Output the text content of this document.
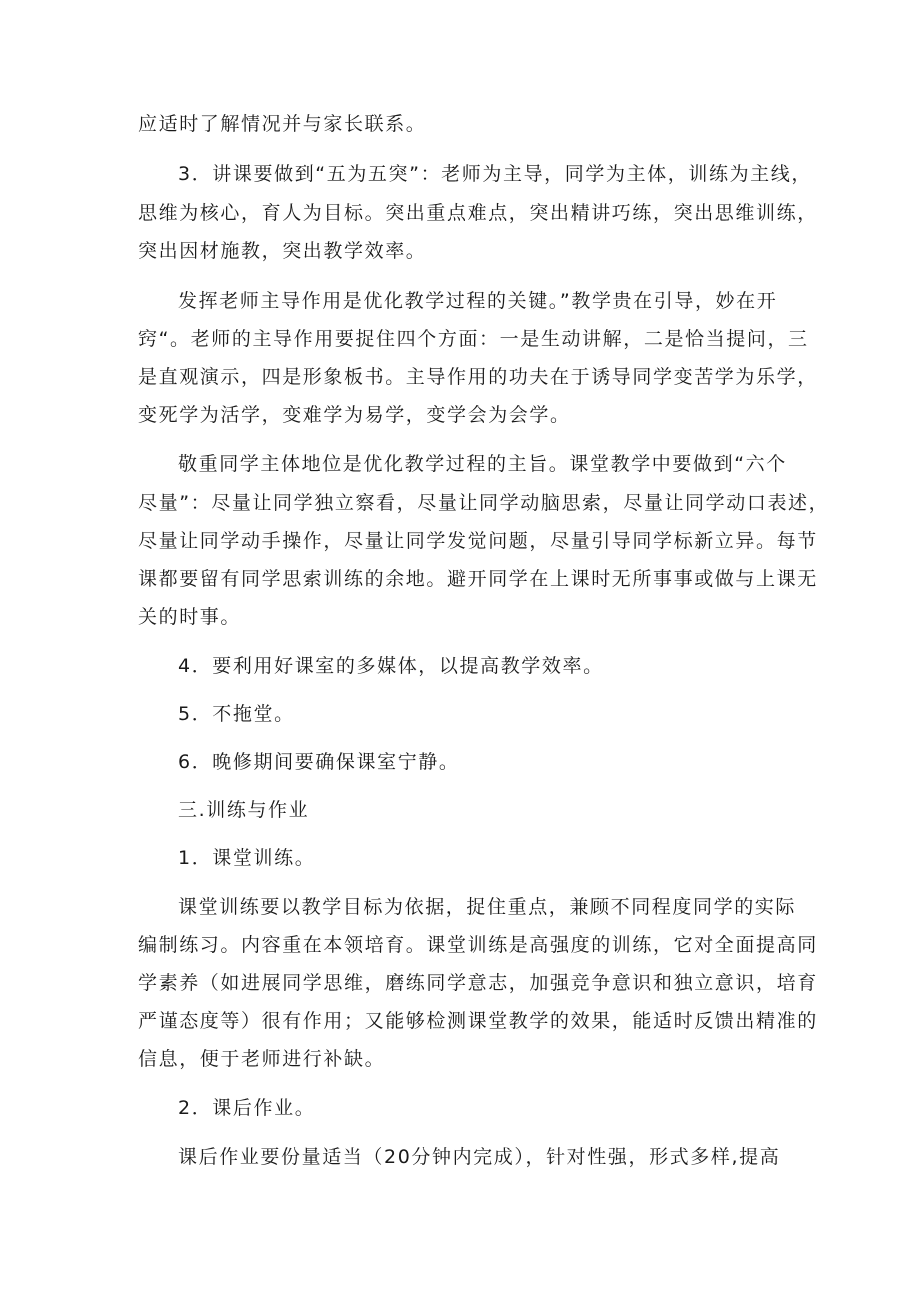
应适时了解情况并与家长联系。

3．讲课要做到“五为五突”：老师为主导，同学为主体，训练为主线，

思维为核心，育人为目标。突出重点难点，突出精讲巧练，突出思维训练，

突出因材施教，突出教学效率。

发挥老师主导作用是优化教学过程的关键。”教学贵在引导，妙在开

窍“。老师的主导作用要捉住四个方面：一是生动讲解，二是恰当提问，三

是直观演示，四是形象板书。主导作用的功夫在于诱导同学变苦学为乐学，

变死学为活学，变难学为易学，变学会为会学。

敬重同学主体地位是优化教学过程的主旨。课堂教学中要做到“六个

尽量”：尽量让同学独立察看，尽量让同学动脑思索，尽量让同学动口表述，

尽量让同学动手操作，尽量让同学发觉问题，尽量引导同学标新立异。每节

课都要留有同学思索训练的余地。避开同学在上课时无所事事或做与上课无

关的时事。

4．要利用好课室的多媒体，以提高教学效率。

5．不拖堂。

6．晚修期间要确保课室宁静。

三.训练与作业

1．课堂训练。

课堂训练要以教学目标为依据，捉住重点，兼顾不同程度同学的实际

编制练习。内容重在本领培育。课堂训练是高强度的训练，它对全面提高同

学素养（如进展同学思维，磨练同学意志，加强竞争意识和独立意识，培育

严谨态度等）很有作用；又能够检测课堂教学的效果，能适时反馈出精准的

信息，便于老师进行补缺。

2．课后作业。

课后作业要份量适当（20分钟内完成），针对性强，形式多样,提高
